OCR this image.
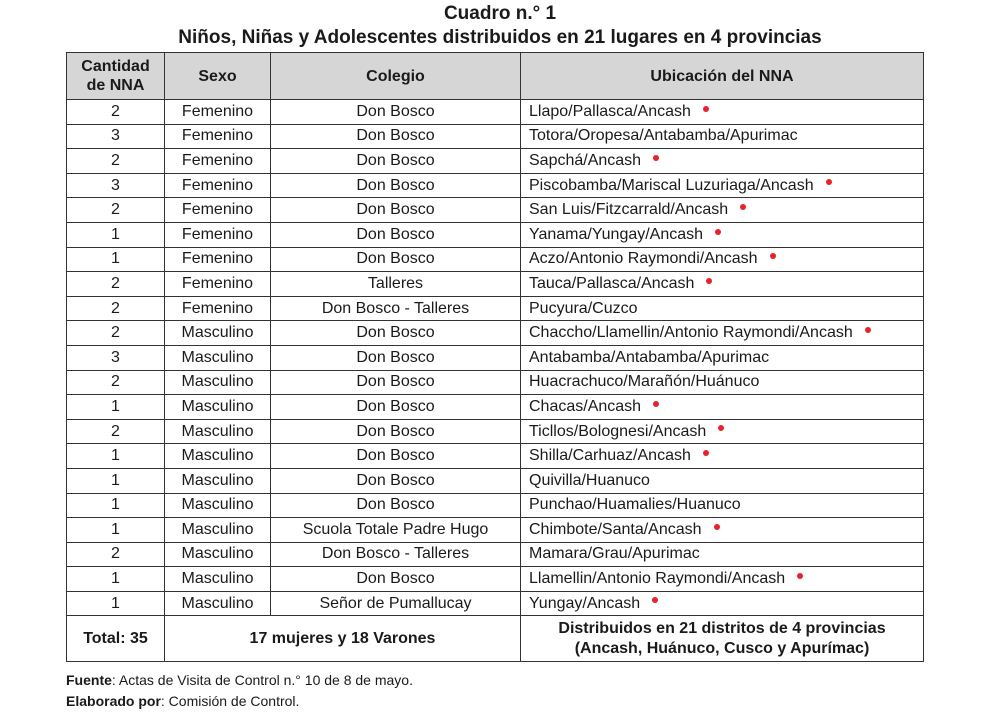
Cuadro n.° 1
Niños, Niñas y Adolescentes distribuidos en 21 lugares en 4 provincias
Cantidad de NNA	Sexo	Colegio	Ubicación del NNA
2	Femenino	Don Bosco	Llapo/Pallasca/Ancash
3	Femenino	Don Bosco	Totora/Oropesa/Antabamba/Apurimac
2	Femenino	Don Bosco	Sapchá/Ancash
3	Femenino	Don Bosco	Piscobamba/Mariscal Luzuriaga/Ancash
2	Femenino	Don Bosco	San Luis/Fitzcarrald/Ancash
1	Femenino	Don Bosco	Yanama/Yungay/Ancash
1	Femenino	Don Bosco	Aczo/Antonio Raymondi/Ancash
2	Femenino	Talleres	Tauca/Pallasca/Ancash
2	Femenino	Don Bosco - Talleres	Pucyura/Cuzco
2	Masculino	Don Bosco	Chaccho/Llamellin/Antonio Raymondi/Ancash
3	Masculino	Don Bosco	Antabamba/Antabamba/Apurimac
2	Masculino	Don Bosco	Huacrachuco/Marañón/Huánuco
1	Masculino	Don Bosco	Chacas/Ancash
2	Masculino	Don Bosco	Ticllos/Bolognesi/Ancash
1	Masculino	Don Bosco	Shilla/Carhuaz/Ancash
1	Masculino	Don Bosco	Quivilla/Huanuco
1	Masculino	Don Bosco	Punchao/Huamalies/Huanuco
1	Masculino	Scuola Totale Padre Hugo	Chimbote/Santa/Ancash
2	Masculino	Don Bosco - Talleres	Mamara/Grau/Apurimac
1	Masculino	Don Bosco	Llamellin/Antonio Raymondi/Ancash
1	Masculino	Señor de Pumallucay	Yungay/Ancash
Total: 35	17 mujeres y 18 Varones		Distribuidos en 21 distritos de 4 provincias
(Ancash, Huánuco, Cusco y Apurímac)
Fuente: Actas de Visita de Control n.° 10 de 8 de mayo.
Elaborado por: Comisión de Control.
